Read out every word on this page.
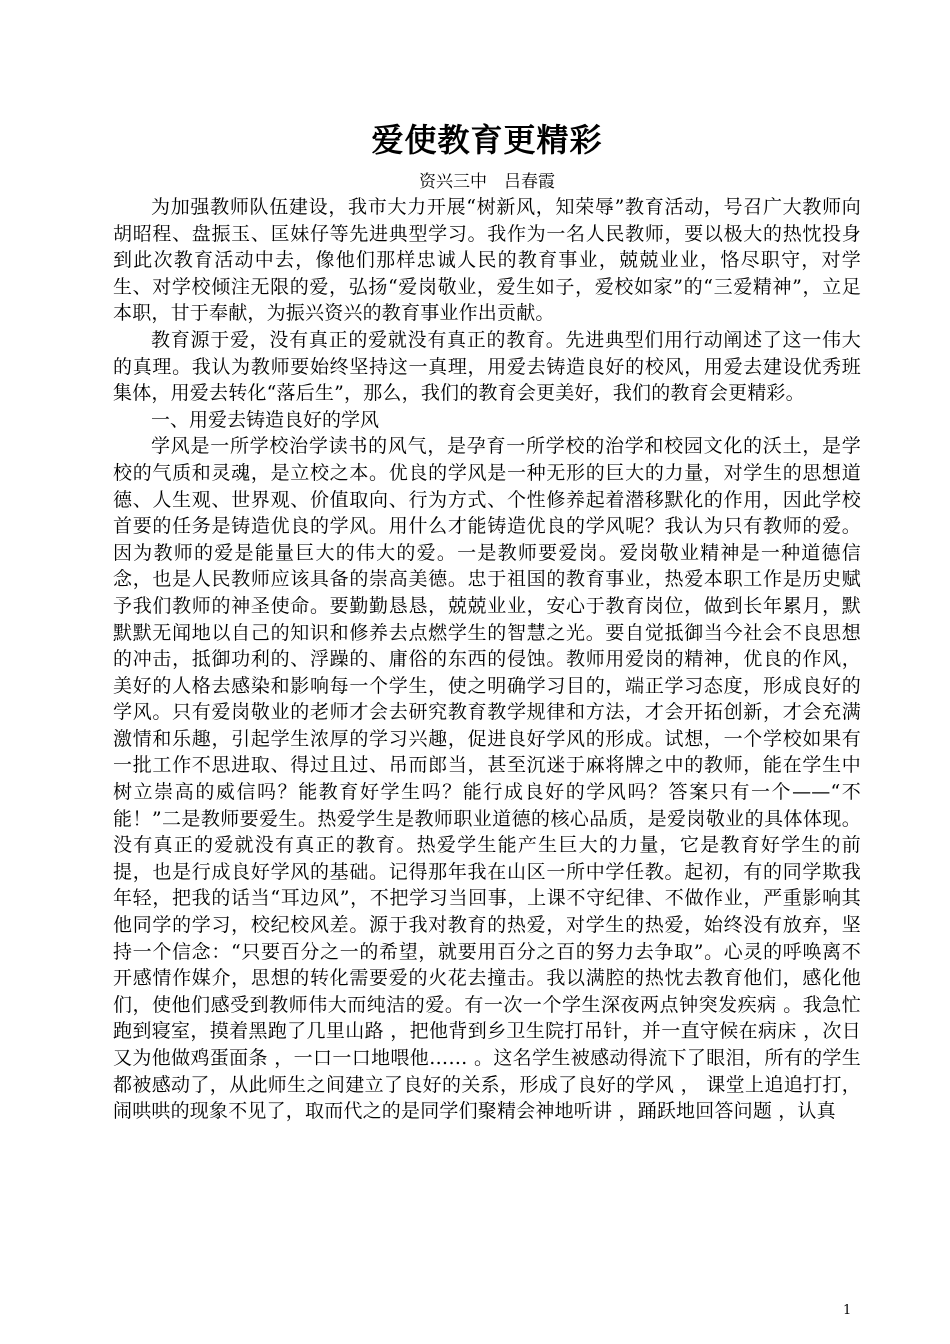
爱使教育更精彩

资兴三中　吕春霞

为加强教师队伍建设，我市大力开展“树新风，知荣辱”教育活动，号召广大教师向胡昭程、盘振玉、匡妹仔等先进典型学习。我作为一名人民教师，要以极大的热忱投身到此次教育活动中去，像他们那样忠诚人民的教育事业，兢兢业业，恪尽职守，对学生、对学校倾注无限的爱，弘扬“爱岗敬业，爱生如子，爱校如家”的“三爱精神”，立足本职，甘于奉献，为振兴资兴的教育事业作出贡献。

教育源于爱，没有真正的爱就没有真正的教育。先进典型们用行动阐述了这一伟大的真理。我认为教师要始终坚持这一真理，用爱去铸造良好的校风，用爱去建设优秀班集体，用爱去转化“落后生”，那么，我们的教育会更美好，我们的教育会更精彩。

一、用爱去铸造良好的学风

学风是一所学校治学读书的风气，是孕育一所学校的治学和校园文化的沃土，是学校的气质和灵魂，是立校之本。优良的学风是一种无形的巨大的力量，对学生的思想道德、人生观、世界观、价值取向、行为方式、个性修养起着潜移默化的作用，因此学校首要的任务是铸造优良的学风。用什么才能铸造优良的学风呢？我认为只有教师的爱。因为教师的爱是能量巨大的伟大的爱。一是教师要爱岗。爱岗敬业精神是一种道德信念，也是人民教师应该具备的崇高美德。忠于祖国的教育事业，热爱本职工作是历史赋予我们教师的神圣使命。要勤勤恳恳，兢兢业业，安心于教育岗位，做到长年累月，默默默无闻地以自己的知识和修养去点燃学生的智慧之光。要自觉抵御当今社会不良思想的冲击，抵御功利的、浮躁的、庸俗的东西的侵蚀。教师用爱岗的精神，优良的作风，美好的人格去感染和影响每一个学生，使之明确学习目的，端正学习态度，形成良好的学风。只有爱岗敬业的老师才会去研究教育教学规律和方法，才会开拓创新，才会充满激情和乐趣，引起学生浓厚的学习兴趣，促进良好学风的形成。试想，一个学校如果有一批工作不思进取、得过且过、吊而郎当，甚至沉迷于麻将牌之中的教师，能在学生中树立崇高的威信吗？能教育好学生吗？能行成良好的学风吗？答案只有一个——“不能！”二是教师要爱生。热爱学生是教师职业道德的核心品质，是爱岗敬业的具体体现。没有真正的爱就没有真正的教育。热爱学生能产生巨大的力量，它是教育好学生的前提，也是行成良好学风的基础。记得那年我在山区一所中学任教。起初，有的同学欺我年轻，把我的话当“耳边风”，不把学习当回事，上课不守纪律、不做作业，严重影响其他同学的学习，校纪校风差。源于我对教育的热爱，对学生的热爱，始终没有放弃，坚持一个信念：“只要百分之一的希望，就要用百分之百的努力去争取”。心灵的呼唤离不开感情作媒介，思想的转化需要爱的火花去撞击。我以满腔的热忱去教育他们，感化他们，使他们感受到教师伟大而纯洁的爱。有一次一个学生深夜两点钟突发疾病 。我急忙跑到寝室，摸着黑跑了几里山路 ，把他背到乡卫生院打吊针，并一直守候在病床 ，次日又为他做鸡蛋面条 ，一口一口地喂他…… 。这名学生被感动得流下了眼泪，所有的学生都被感动了，从此师生之间建立了良好的关系，形成了良好的学风 ， 课堂上追追打打， 闹哄哄的现象不见了，取而代之的是同学们聚精会神地听讲 ，踊跃地回答问题 ，认真

1
